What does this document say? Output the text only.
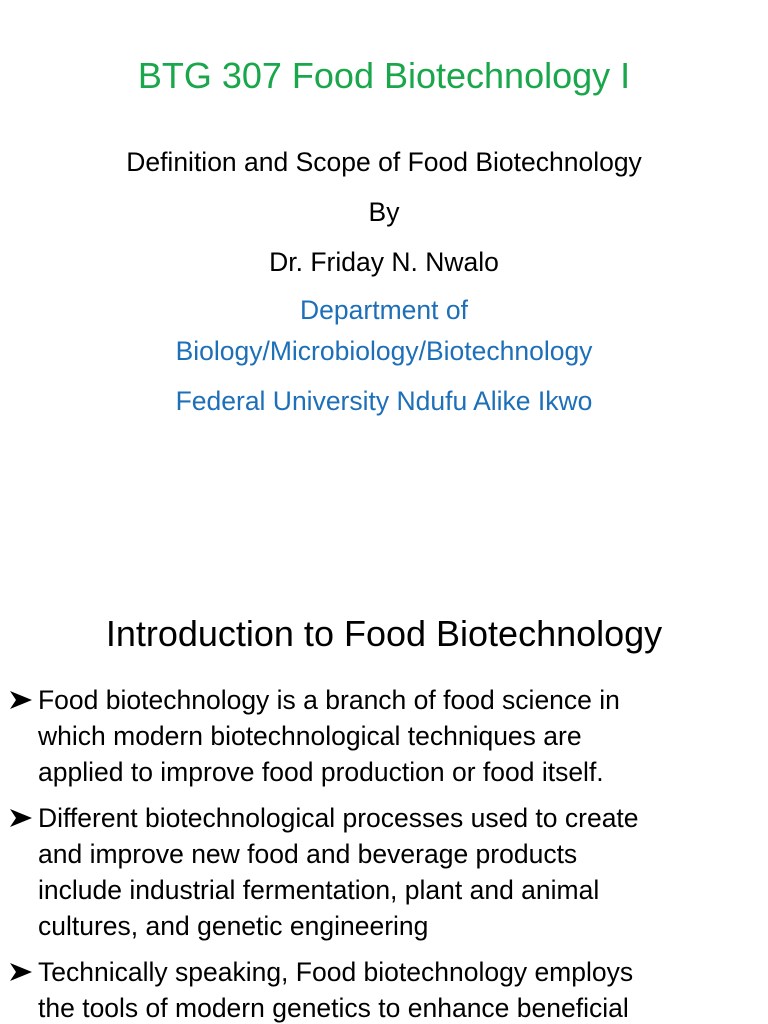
BTG 307 Food Biotechnology I
Definition and Scope of Food Biotechnology
By
Dr. Friday N. Nwalo
Department of
Biology/Microbiology/Biotechnology
Federal University Ndufu Alike Ikwo
Introduction to Food Biotechnology
Food biotechnology is a branch of food science in
which modern biotechnological techniques are
applied to improve food production or food itself.
Different biotechnological processes used to create
and improve new food and beverage products
include industrial fermentation, plant and animal
cultures, and genetic engineering
Technically speaking, Food biotechnology employs
the tools of modern genetics to enhance beneficial
